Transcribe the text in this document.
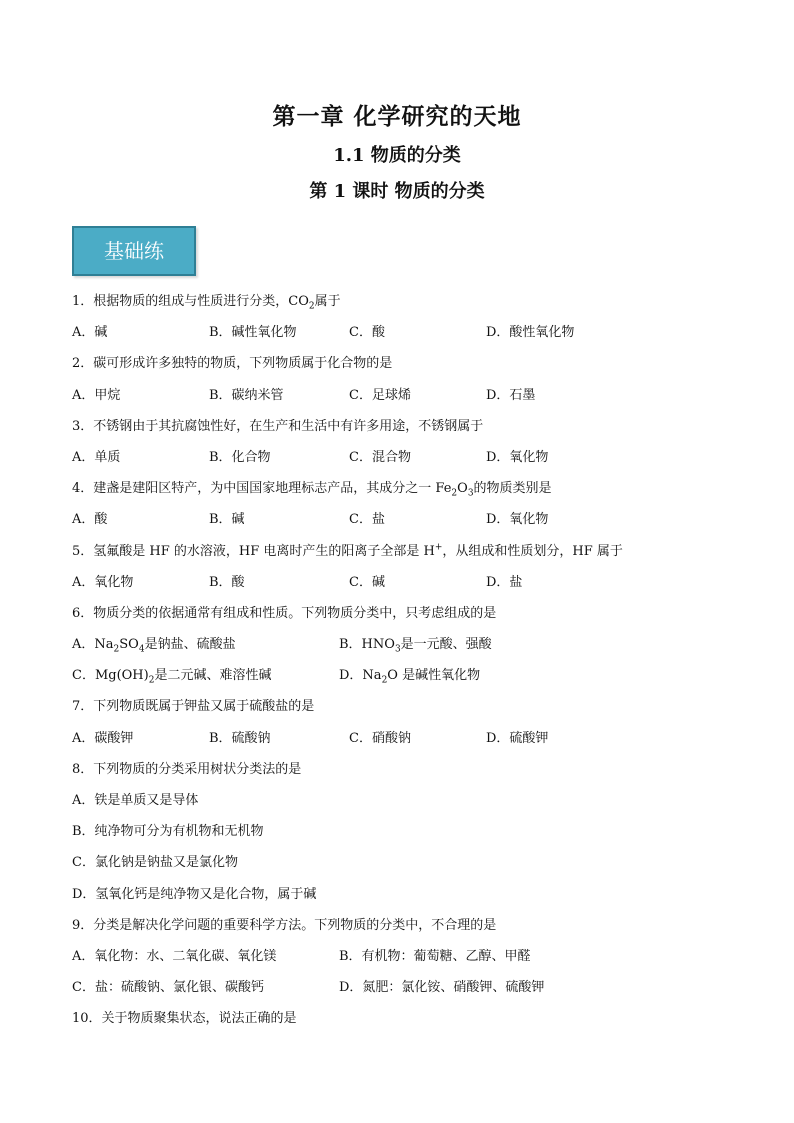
第一章 化学研究的天地
1.1 物质的分类
第 1 课时 物质的分类
基础练
1．根据物质的组成与性质进行分类，$CO_2$属于
A．碱	B．碱性氧化物	C．酸	D．酸性氧化物
2．碳可形成许多独特的物质，下列物质属于化合物的是
A．甲烷	B．碳纳米管	C．足球烯	D．石墨
3．不锈钢由于其抗腐蚀性好，在生产和生活中有许多用途，不锈钢属于
A．单质	B．化合物	C．混合物	D．氧化物
4．建盏是建阳区特产，为中国国家地理标志产品，其成分之一 $Fe_2O_3$的物质类别是
A．酸	B．碱	C．盐	D．氧化物
5．氢氟酸是 HF 的水溶液，HF 电离时产生的阳离子全部是 H+，从组成和性质划分，HF 属于
A．氧化物	B．酸	C．碱	D．盐
6．物质分类的依据通常有组成和性质。下列物质分类中，只考虑组成的是
A．$Na_2SO_4$是钠盐、硫酸盐	B．$HNO_3$是一元酸、强酸
C．$Mg(OH)_2$是二元碱、难溶性碱	D．$Na_2O$ 是碱性氧化物
7．下列物质既属于钾盐又属于硫酸盐的是
A．碳酸钾	B．硫酸钠	C．硝酸钠	D．硫酸钾
8．下列物质的分类采用树状分类法的是
A．铁是单质又是导体
B．纯净物可分为有机物和无机物
C．氯化钠是钠盐又是氯化物
D．氢氧化钙是纯净物又是化合物，属于碱
9．分类是解决化学问题的重要科学方法。下列物质的分类中，不合理的是
A．氧化物：水、二氧化碳、氧化镁	B．有机物：葡萄糖、乙醇、甲醛
C．盐：硫酸钠、氯化银、碳酸钙	D．氮肥：氯化铵、硝酸钾、硫酸钾
10．关于物质聚集状态，说法正确的是
